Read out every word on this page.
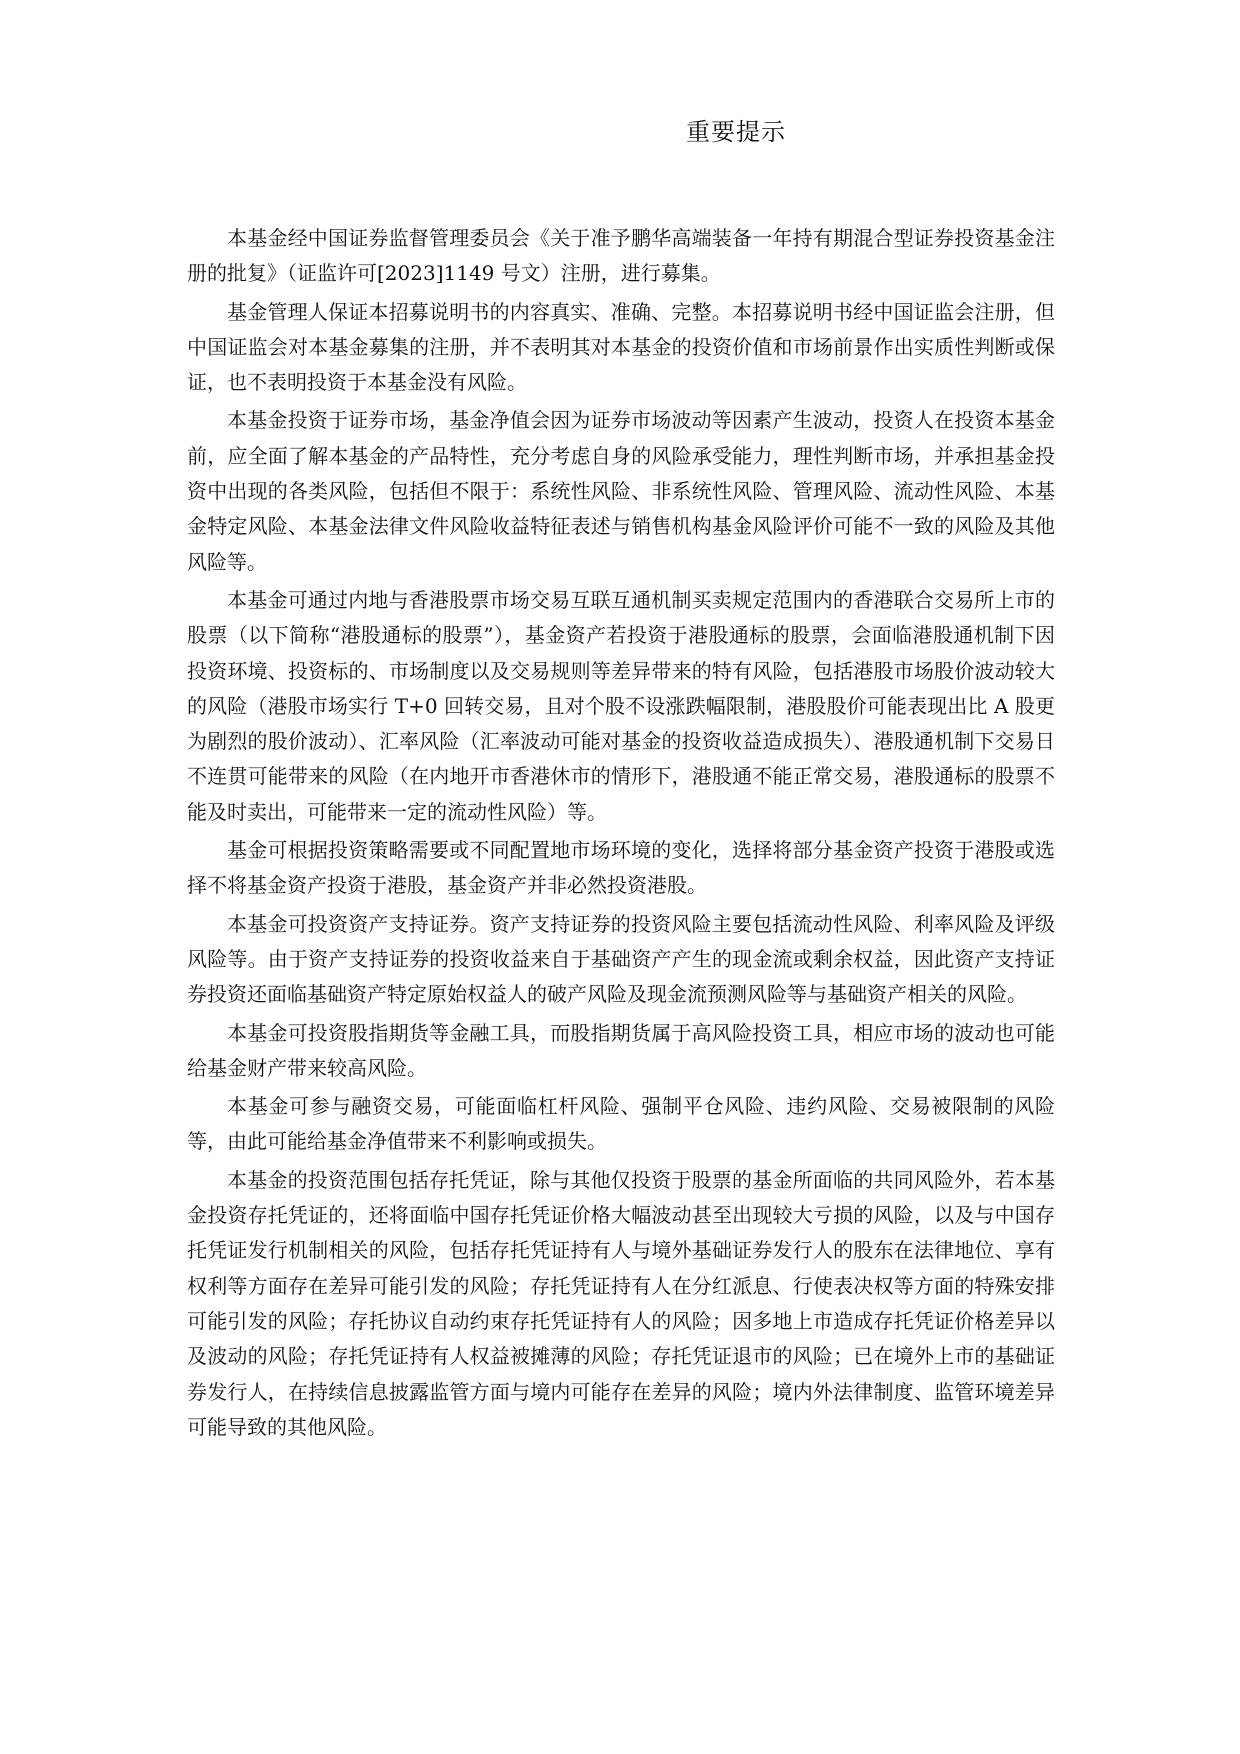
重要提示

本基金经中国证券监督管理委员会《关于准予鹏华高端装备一年持有期混合型证券投资基金注册的批复》（证监许可[2023]1149 号文）注册，进行募集。

基金管理人保证本招募说明书的内容真实、准确、完整。本招募说明书经中国证监会注册，但中国证监会对本基金募集的注册，并不表明其对本基金的投资价值和市场前景作出实质性判断或保证，也不表明投资于本基金没有风险。

本基金投资于证券市场，基金净值会因为证券市场波动等因素产生波动，投资人在投资本基金前，应全面了解本基金的产品特性，充分考虑自身的风险承受能力，理性判断市场，并承担基金投资中出现的各类风险，包括但不限于：系统性风险、非系统性风险、管理风险、流动性风险、本基金特定风险、本基金法律文件风险收益特征表述与销售机构基金风险评价可能不一致的风险及其他风险等。

本基金可通过内地与香港股票市场交易互联互通机制买卖规定范围内的香港联合交易所上市的股票（以下简称“港股通标的股票”），基金资产若投资于港股通标的股票，会面临港股通机制下因投资环境、投资标的、市场制度以及交易规则等差异带来的特有风险，包括港股市场股价波动较大的风险（港股市场实行 T+0 回转交易，且对个股不设涨跌幅限制，港股股价可能表现出比 A 股更为剧烈的股价波动）、汇率风险（汇率波动可能对基金的投资收益造成损失）、港股通机制下交易日不连贯可能带来的风险（在内地开市香港休市的情形下，港股通不能正常交易，港股通标的股票不能及时卖出，可能带来一定的流动性风险）等。

基金可根据投资策略需要或不同配置地市场环境的变化，选择将部分基金资产投资于港股或选择不将基金资产投资于港股，基金资产并非必然投资港股。

本基金可投资资产支持证券。资产支持证券的投资风险主要包括流动性风险、利率风险及评级风险等。由于资产支持证券的投资收益来自于基础资产产生的现金流或剩余权益，因此资产支持证券投资还面临基础资产特定原始权益人的破产风险及现金流预测风险等与基础资产相关的风险。

本基金可投资股指期货等金融工具，而股指期货属于高风险投资工具，相应市场的波动也可能给基金财产带来较高风险。

本基金可参与融资交易，可能面临杠杆风险、强制平仓风险、违约风险、交易被限制的风险等，由此可能给基金净值带来不利影响或损失。

本基金的投资范围包括存托凭证，除与其他仅投资于股票的基金所面临的共同风险外，若本基金投资存托凭证的，还将面临中国存托凭证价格大幅波动甚至出现较大亏损的风险，以及与中国存托凭证发行机制相关的风险，包括存托凭证持有人与境外基础证券发行人的股东在法律地位、享有权利等方面存在差异可能引发的风险；存托凭证持有人在分红派息、行使表决权等方面的特殊安排可能引发的风险；存托协议自动约束存托凭证持有人的风险；因多地上市造成存托凭证价格差异以及波动的风险；存托凭证持有人权益被摊薄的风险；存托凭证退市的风险；已在境外上市的基础证券发行人，在持续信息披露监管方面与境内可能存在差异的风险；境内外法律制度、监管环境差异可能导致的其他风险。
